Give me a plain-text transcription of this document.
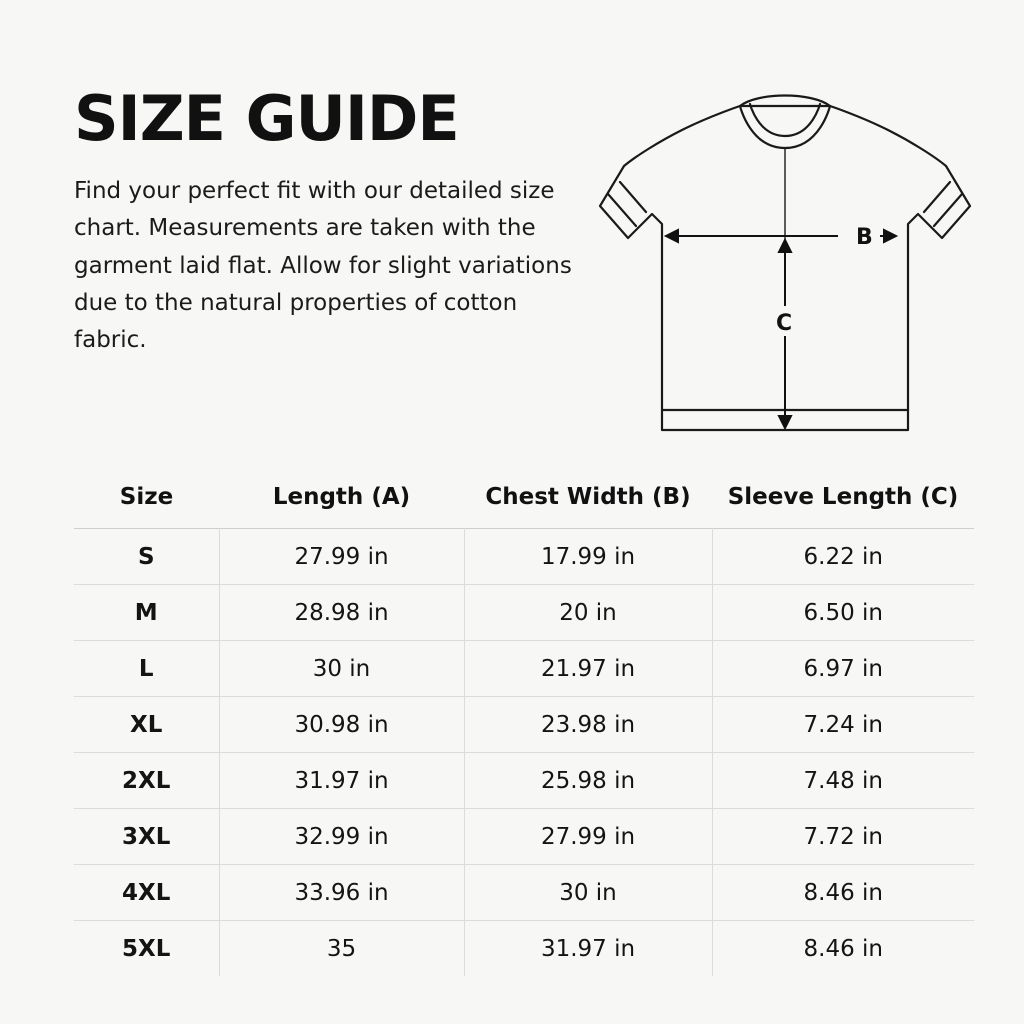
SIZE GUIDE

Find your perfect fit with our detailed size chart. Measurements are taken with the garment laid flat. Allow for slight variations due to the natural properties of cotton fabric.

B
C
Size	Length (A)	Chest Width (B)	Sleeve Length (C)
S	27.99 in	17.99 in	6.22 in
M	28.98 in	20 in	6.50 in
L	30 in	21.97 in	6.97 in
XL	30.98 in	23.98 in	7.24 in
2XL	31.97 in	25.98 in	7.48 in
3XL	32.99 in	27.99 in	7.72 in
4XL	33.96 in	30 in	8.46 in
5XL	35	31.97 in	8.46 in
